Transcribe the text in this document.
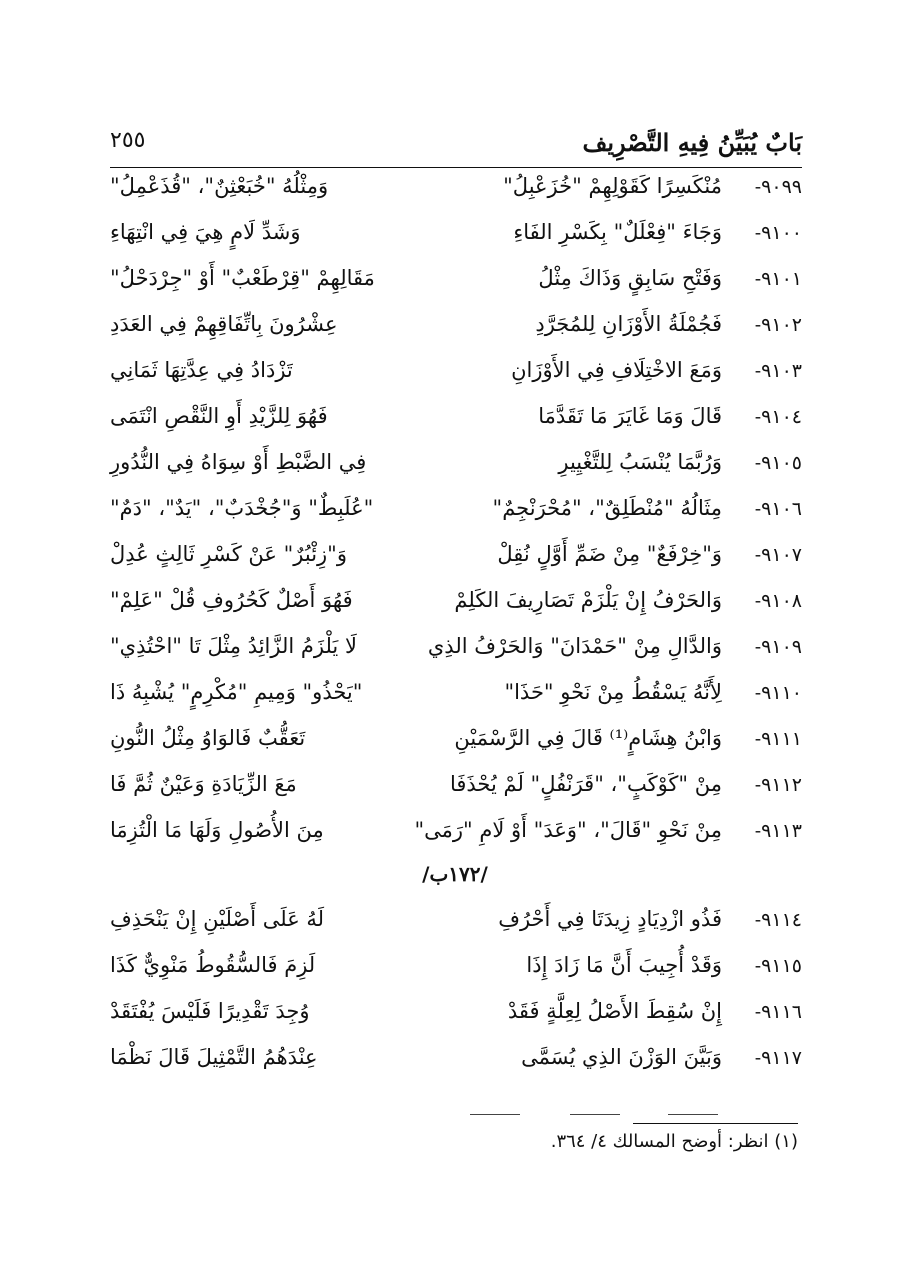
بَابٌ يُبَيِّنُ فِيهِ التَّصْرِيف
٢٥٥
٩٠٩٩-
مُنْكَسِرًا كَقَوْلِهِمْ "خُزَعْبِلُ"
وَمِثْلُهُ "خُبَعْثِنٌ"، "قُذَعْمِلُ"
٩١٠٠-
وَجَاءَ "فِعْلَلٌ" بِكَسْرِ الفَاءِ
وَشَدِّ لَامٍ هِيَ فِي انْتِهَاءِ
٩١٠١-
وَفَتْحِ سَابِقٍ وَذَاكَ مِثْلُ
مَقَالِهِمْ "قِرْطَعْبٌ" أَوْ "جِرْدَحْلُ"
٩١٠٢-
فَجُمْلَةُ الأَوْزَانِ لِلمُجَرَّدِ
عِشْرُونَ بِاتِّفَاقِهِمْ فِي العَدَدِ
٩١٠٣-
وَمَعَ الاخْتِلَافِ فِي الأَوْزَانِ
تَزْدَادُ فِي عِدَّتِهَا ثَمَانِي
٩١٠٤-
قَالَ وَمَا غَايَرَ مَا تَقَدَّمَا
فَهُوَ لِلزَّيْدِ أَوِ النَّقْصِ انْتَمَى
٩١٠٥-
وَرُبَّمَا يُنْسَبُ لِلتَّغْيِيرِ
فِي الضَّبْطِ أَوْ سِوَاهُ فِي النُّدُورِ
٩١٠٦-
مِثَالُهُ "مُنْطَلِقٌ"، "مُحْرَنْجِمٌ"
"عُلَبِطٌ" وَ"جُخْدَبٌ"، "يَدٌ"، "دَمٌ"
٩١٠٧-
وَ"خِرْفَعٌ" مِنْ ضَمِّ أَوَّلٍ نُقِلْ
وَ"زِئْبُرٌ" عَنْ كَسْرِ ثَالِثٍ عُدِلْ
٩١٠٨-
وَالحَرْفُ إِنْ يَلْزَمْ تَصَارِيفَ الكَلِمْ
فَهُوَ أَصْلٌ كَحُرُوفِ قُلْ "عَلِمْ"
٩١٠٩-
وَالدَّالِ مِنْ "حَمْدَانَ" وَالحَرْفُ الذِي
لَا يَلْزَمُ الزَّائِدُ مِثْلَ تَا "احْتُذِي"
٩١١٠-
لِأَنَّهُ يَسْقُطُ مِنْ نَحْوِ "حَذَا"
"يَحْذُو" وَمِيمِ "مُكْرِمٍ" يُشْبِهُ ذَا
٩١١١-
وَابْنُ هِشَامٍ⁽¹⁾ قَالَ فِي الرَّسْمَيْنِ
تَعَقُّبٌ فَالوَاوُ مِثْلُ النُّونِ
٩١١٢-
مِنْ "كَوْكَبٍ"، "قَرَنْفُلٍ" لَمْ يُحْذَفَا
مَعَ الزِّيَادَةِ وَعَيْنٌ ثُمَّ فَا
٩١١٣-
مِنْ نَحْوِ "قَالَ"، "وَعَدَ" أَوْ لَامِ "رَمَى"
مِنَ الأُصُولِ وَلَهَا مَا الْتُزِمَا
/١٧٢ب/
٩١١٤-
فَذُو ازْدِيَادٍ زِيدَتَا فِي أَحْرُفِ
لَهُ عَلَى أَصْلَيْنِ إِنْ يَنْحَذِفِ
٩١١٥-
وَقَدْ أُجِيبَ أَنَّ مَا زَادَ إِذَا
لَزِمَ فَالسُّقُوطُ مَنْوِيٌّ كَذَا
٩١١٦-
إِنْ سُقِطَ الأَصْلُ لِعِلَّةٍ فَقَدْ
وُجِدَ تَقْدِيرًا فَلَيْسَ يُفْتَقَدْ
٩١١٧-
وَبَيَّنَ الوَزْنَ الذِي يُسَمَّى
عِنْدَهُمُ التَّمْثِيلَ قَالَ نَظْمَا
(١) انظر: أوضح المسالك ٤/ ٣٦٤.
